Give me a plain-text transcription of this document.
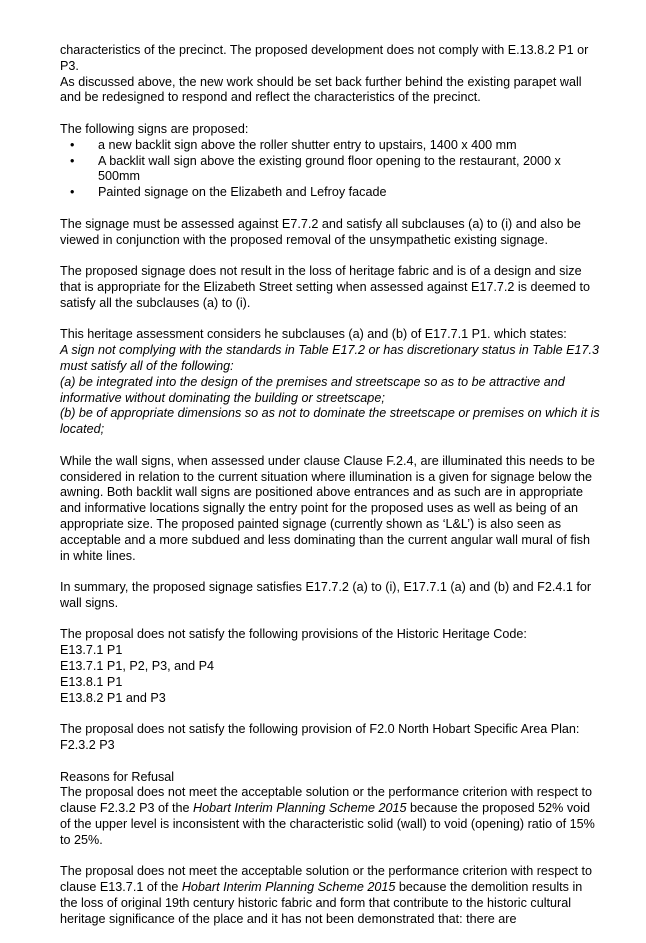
characteristics of the precinct. The proposed development does not comply with E.13.8.2 P1 or P3.
As discussed above, the new work should be set back further behind the existing parapet wall and be redesigned to respond and reflect the characteristics of the precinct.

The following signs are proposed:

• a new backlit sign above the roller shutter entry to upstairs, 1400 x 400 mm
• A backlit wall sign above the existing ground floor opening to the restaurant, 2000 x 500mm
• Painted signage on the Elizabeth and Lefroy facade

The signage must be assessed against E7.7.2 and satisfy all subclauses (a) to (i) and also be viewed in conjunction with the proposed removal of the unsympathetic existing signage.

The proposed signage does not result in the loss of heritage fabric and is of a design and size that is appropriate for the Elizabeth Street setting when assessed against E17.7.2 is deemed to satisfy all the subclauses (a) to (i).

This heritage assessment considers he subclauses (a) and (b) of E17.7.1 P1. which states:
A sign not complying with the standards in Table E17.2 or has discretionary status in Table E17.3 must satisfy all of the following:
(a) be integrated into the design of the premises and streetscape so as to be attractive and informative without dominating the building or streetscape;
(b) be of appropriate dimensions so as not to dominate the streetscape or premises on which it is located;

While the wall signs, when assessed under clause Clause F.2.4, are illuminated this needs to be considered in relation to the current situation where illumination is a given for signage below the awning. Both backlit wall signs are positioned above entrances and as such are in appropriate and informative locations signally the entry point for the proposed uses as well as being of an appropriate size. The proposed painted signage (currently shown as ‘L&L’) is also seen as acceptable and a more subdued and less dominating than the current angular wall mural of fish in white lines.

In summary, the proposed signage satisfies E17.7.2 (a) to (i), E17.7.1 (a) and (b) and F2.4.1 for wall signs.

The proposal does not satisfy the following provisions of the Historic Heritage Code:
E13.7.1 P1
E13.7.1 P1, P2, P3, and P4
E13.8.1 P1
E13.8.2 P1 and P3

The proposal does not satisfy the following provision of F2.0 North Hobart Specific Area Plan:
F2.3.2 P3

Reasons for Refusal
The proposal does not meet the acceptable solution or the performance criterion with respect to clause F2.3.2 P3 of the Hobart Interim Planning Scheme 2015 because the proposed 52% void of the upper level is inconsistent with the characteristic solid (wall) to void (opening) ratio of 15% to 25%.

The proposal does not meet the acceptable solution or the performance criterion with respect to clause E13.7.1 of the Hobart Interim Planning Scheme 2015 because the demolition results in the loss of original 19th century historic fabric and form that contribute to the historic cultural heritage significance of the place and it has not been demonstrated that: there are
